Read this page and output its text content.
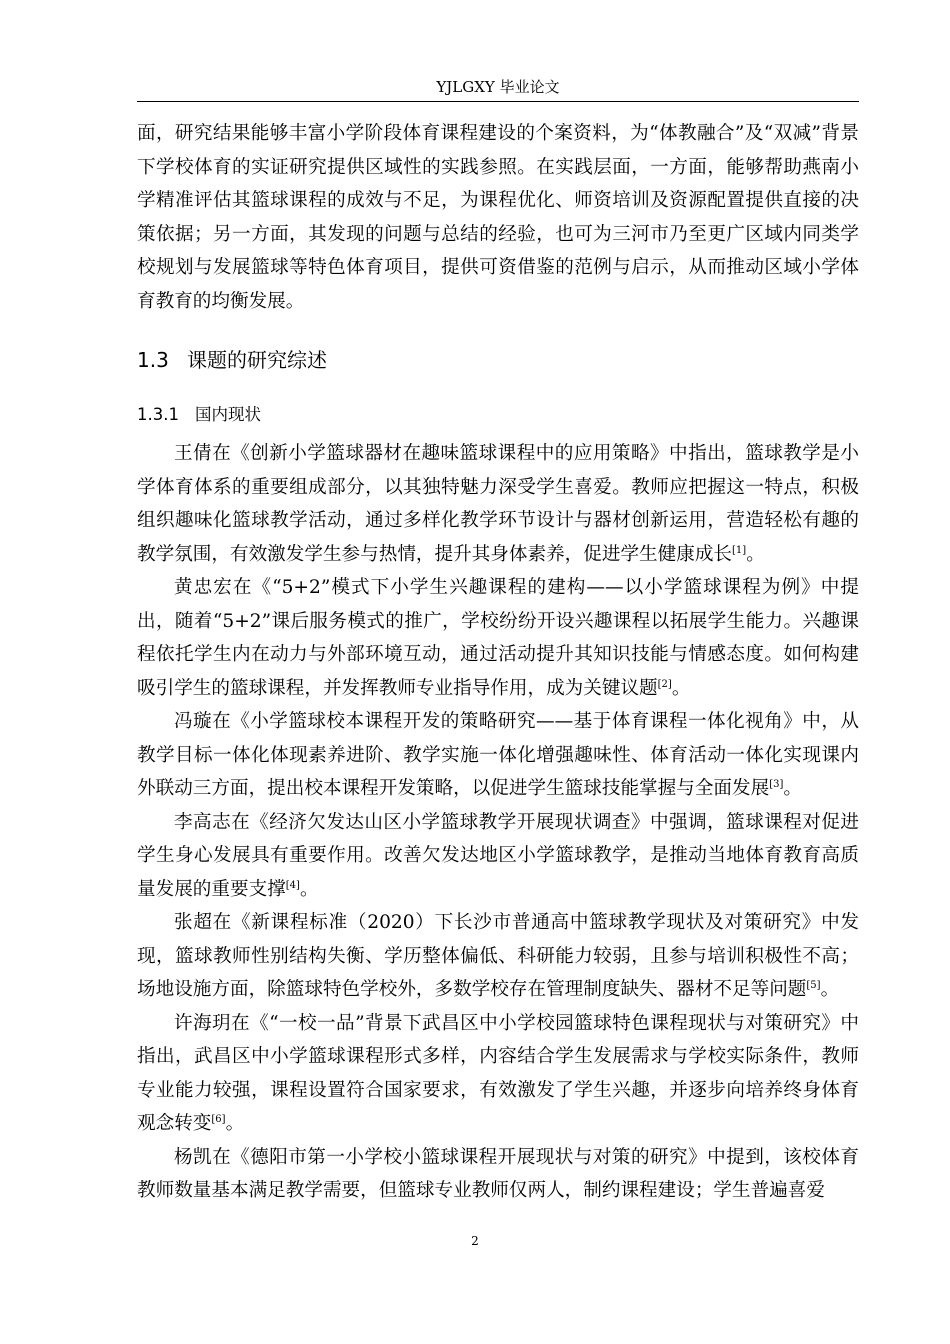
YJLGXY 毕业论文

面，研究结果能够丰富小学阶段体育课程建设的个案资料，为“体教融合”及“双减”背景下学校体育的实证研究提供区域性的实践参照。在实践层面，一方面，能够帮助燕南小学精准评估其篮球课程的成效与不足，为课程优化、师资培训及资源配置提供直接的决策依据；另一方面，其发现的问题与总结的经验，也可为三河市乃至更广区域内同类学校规划与发展篮球等特色体育项目，提供可资借鉴的范例与启示，从而推动区域小学体育教育的均衡发展。

1.3 课题的研究综述
1.3.1 国内现状

王倩在《创新小学篮球器材在趣味篮球课程中的应用策略》中指出，篮球教学是小学体育体系的重要组成部分，以其独特魅力深受学生喜爱。教师应把握这一特点，积极组织趣味化篮球教学活动，通过多样化教学环节设计与器材创新运用，营造轻松有趣的教学氛围，有效激发学生参与热情，提升其身体素养，促进学生健康成长[1]。

黄忠宏在《“5+2”模式下小学生兴趣课程的建构——以小学篮球课程为例》中提出，随着“5+2”课后服务模式的推广，学校纷纷开设兴趣课程以拓展学生能力。兴趣课程依托学生内在动力与外部环境互动，通过活动提升其知识技能与情感态度。如何构建吸引学生的篮球课程，并发挥教师专业指导作用，成为关键议题[2]。

冯璇在《小学篮球校本课程开发的策略研究——基于体育课程一体化视角》中，从教学目标一体化体现素养进阶、教学实施一体化增强趣味性、体育活动一体化实现课内外联动三方面，提出校本课程开发策略，以促进学生篮球技能掌握与全面发展[3]。

李高志在《经济欠发达山区小学篮球教学开展现状调查》中强调，篮球课程对促进学生身心发展具有重要作用。改善欠发达地区小学篮球教学，是推动当地体育教育高质量发展的重要支撑[4]。

张超在《新课程标准（2020）下长沙市普通高中篮球教学现状及对策研究》中发现，篮球教师性别结构失衡、学历整体偏低、科研能力较弱，且参与培训积极性不高；场地设施方面，除篮球特色学校外，多数学校存在管理制度缺失、器材不足等问题[5]。

许海玥在《“一校一品”背景下武昌区中小学校园篮球特色课程现状与对策研究》中指出，武昌区中小学篮球课程形式多样，内容结合学生发展需求与学校实际条件，教师专业能力较强，课程设置符合国家要求，有效激发了学生兴趣，并逐步向培养终身体育观念转变[6]。

杨凯在《德阳市第一小学校小篮球课程开展现状与对策的研究》中提到，该校体育教师数量基本满足教学需要，但篮球专业教师仅两人，制约课程建设；学生普遍喜爱

2
